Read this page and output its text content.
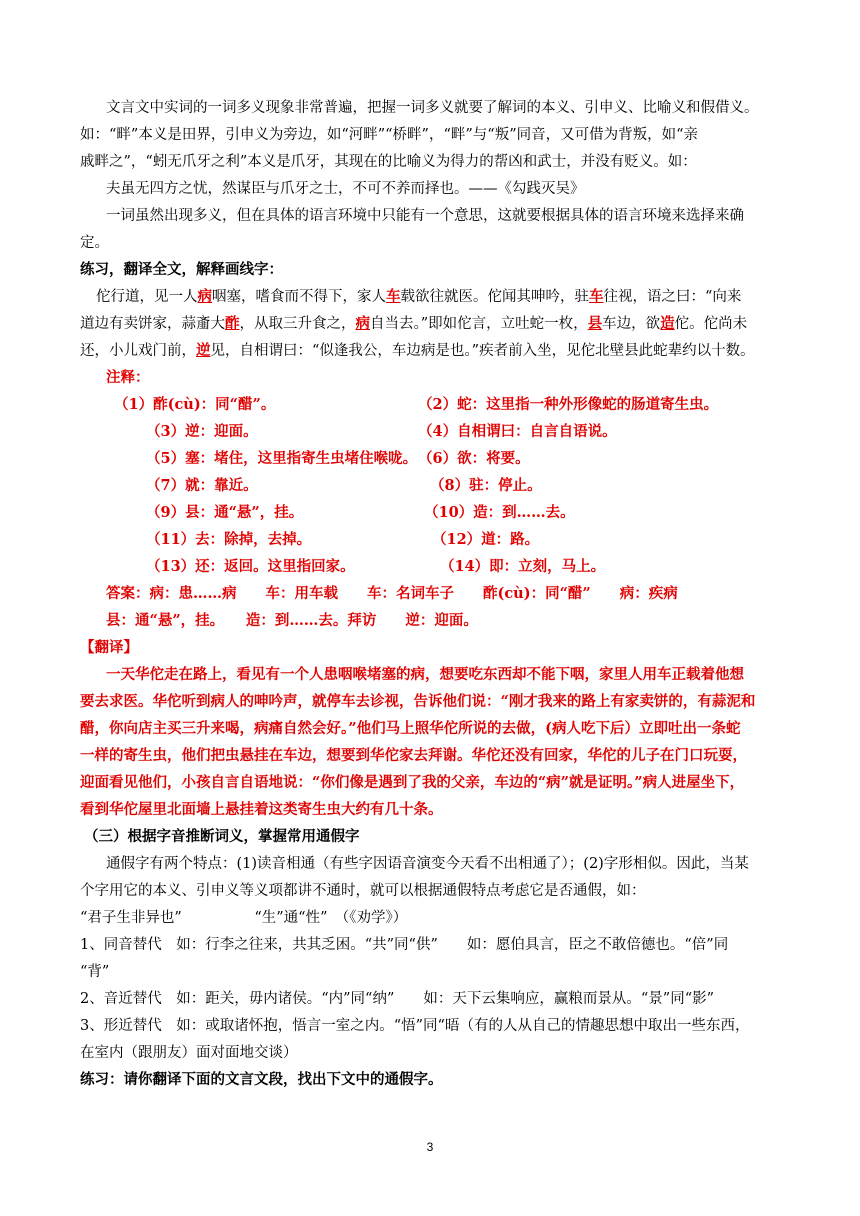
文言文中实词的一词多义现象非常普遍，把握一词多义就要了解词的本义、引申义、比喻义和假借义。
如：“畔”本义是田界，引申义为旁边，如“河畔”“桥畔”，“畔”与“叛”同音，又可借为背叛，如“亲
戚畔之”，“蚓无爪牙之利”本义是爪牙，其现在的比喻义为得力的帮凶和武士，并没有贬义。如：
夫虽无四方之忧，然谋臣与爪牙之士，不可不养而择也。——《勾践灭吴》
一词虽然出现多义，但在具体的语言环境中只能有一个意思，这就要根据具体的语言环境来选择来确
定。
练习，翻译全文，解释画线字：
佗行道，见一人病咽塞，嗜食而不得下，家人车载欲往就医。佗闻其呻吟，驻车往视，语之曰：“向来
道边有卖饼家，蒜齑大酢，从取三升食之，病自当去。”即如佗言，立吐蛇一枚，县车边，欲造佗。佗尚未
还，小儿戏门前，逆见，自相谓曰：“似逢我公，车边病是也。”疾者前入坐，见佗北壁县此蛇辈约以十数。
注释：
（1）酢(cù)：同“醋”。	（2）蛇：这里指一种外形像蛇的肠道寄生虫。
（3）逆：迎面。	（4）自相谓曰：自言自语说。
（5）塞：堵住，这里指寄生虫堵住喉咙。 （6）欲：将要。
（7）就：靠近。	（8）驻：停止。
（9）县：通“悬”，挂。	（10）造：到……去。
（11）去：除掉，去掉。	（12）道：路。
（13）还：返回。这里指回家。	（14）即：立刻，马上。
答案：病：患……病　　车：用车载　　车：名词车子　　酢(cù)：同“醋”　　病：疾病
县：通“悬”，挂。　　造：到……去。拜访　　逆：迎面。
【翻译】
一天华佗走在路上，看见有一个人患咽喉堵塞的病，想要吃东西却不能下咽，家里人用车正载着他想
要去求医。华佗听到病人的呻吟声，就停车去诊视，告诉他们说：“刚才我来的路上有家卖饼的，有蒜泥和
醋，你向店主买三升来喝，病痛自然会好。”他们马上照华佗所说的去做，(病人吃下后）立即吐出一条蛇
一样的寄生虫，他们把虫悬挂在车边，想要到华佗家去拜谢。华佗还没有回家，华佗的儿子在门口玩耍，
迎面看见他们，小孩自言自语地说：“你们像是遇到了我的父亲，车边的“病”就是证明。”病人进屋坐下，
看到华佗屋里北面墙上悬挂着这类寄生虫大约有几十条。
（三）根据字音推断词义，掌握常用通假字
通假字有两个特点：(1)读音相通（有些字因语音演变今天看不出相通了）；(2)字形相似。因此，当某
个字用它的本义、引申义等义项都讲不通时，就可以根据通假特点考虑它是否通假，如：
“君子生非异也”　　　　　“生”通“性”　（《劝学》）
1、同音替代　如：行李之往来，共其乏困。“共”同“供”　　如：愿伯具言，臣之不敢倍德也。“倍”同
“背”
2、音近替代　如：距关，毋内诸侯。“内”同“纳”　　如：天下云集响应，赢粮而景从。“景”同“影”
3、形近替代　如：或取诸怀抱，悟言一室之内。“悟”同“晤（有的人从自己的情趣思想中取出一些东西，
在室内（跟朋友）面对面地交谈）
练习：请你翻译下面的文言文段，找出下文中的通假字。
3
